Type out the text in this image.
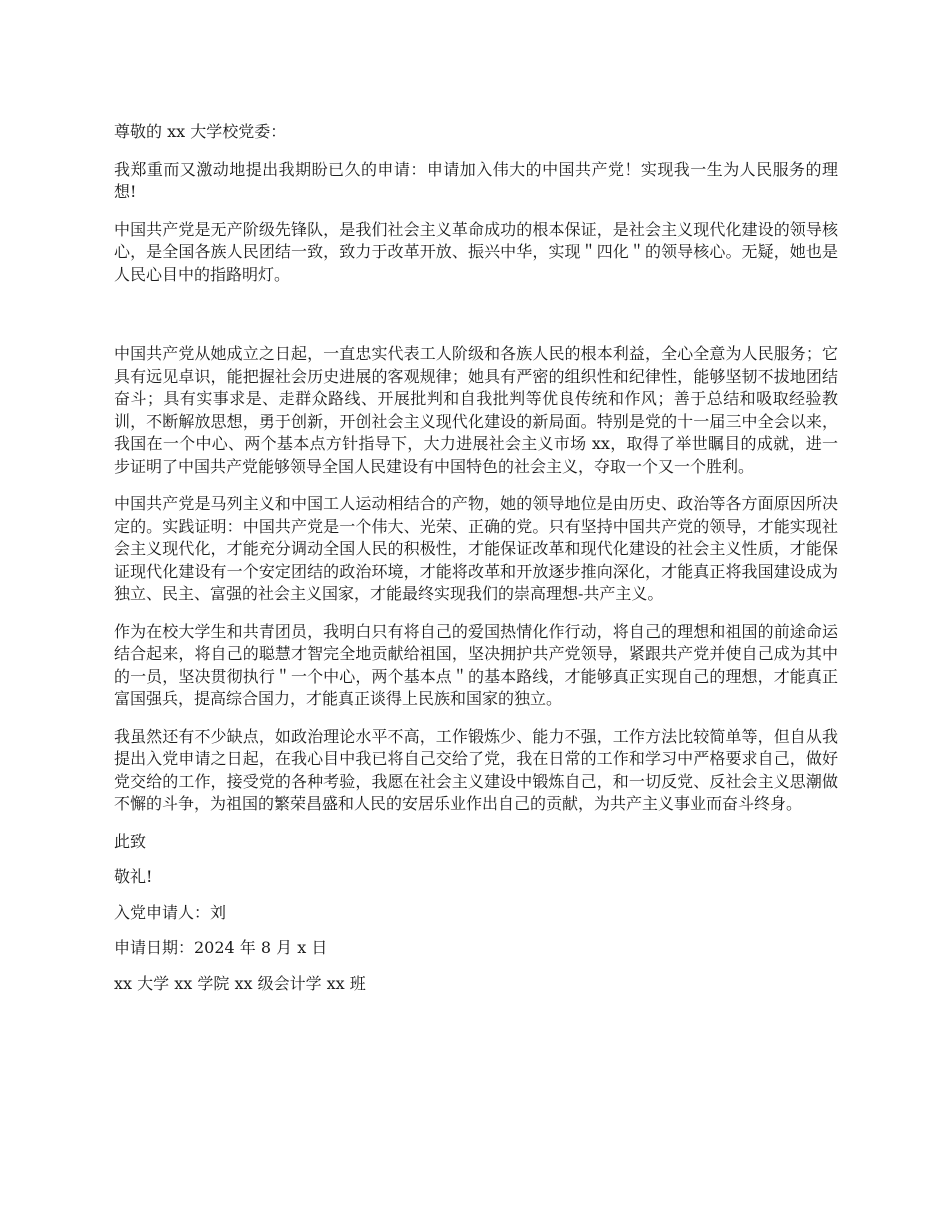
尊敬的 xx 大学校党委：

我郑重而又激动地提出我期盼已久的申请：申请加入伟大的中国共产党！实现我一生为人民服务的理想!

中国共产党是无产阶级先锋队，是我们社会主义革命成功的根本保证，是社会主义现代化建设的领导核心，是全国各族人民团结一致，致力于改革开放、振兴中华，实现＂四化＂的领导核心。无疑，她也是人民心目中的指路明灯。

中国共产党从她成立之日起，一直忠实代表工人阶级和各族人民的根本利益，全心全意为人民服务；它具有远见卓识，能把握社会历史进展的客观规律；她具有严密的组织性和纪律性，能够坚韧不拔地团结奋斗；具有实事求是、走群众路线、开展批判和自我批判等优良传统和作风；善于总结和吸取经验教训，不断解放思想，勇于创新，开创社会主义现代化建设的新局面。特别是党的十一届三中全会以来，我国在一个中心、两个基本点方针指导下，大力进展社会主义市场 xx，取得了举世瞩目的成就，进一步证明了中国共产党能够领导全国人民建设有中国特色的社会主义，夺取一个又一个胜利。

中国共产党是马列主义和中国工人运动相结合的产物，她的领导地位是由历史、政治等各方面原因所决定的。实践证明：中国共产党是一个伟大、光荣、正确的党。只有坚持中国共产党的领导，才能实现社会主义现代化，才能充分调动全国人民的积极性，才能保证改革和现代化建设的社会主义性质，才能保证现代化建设有一个安定团结的政治环境，才能将改革和开放逐步推向深化，才能真正将我国建设成为独立、民主、富强的社会主义国家，才能最终实现我们的崇高理想-共产主义。

作为在校大学生和共青团员，我明白只有将自己的爱国热情化作行动，将自己的理想和祖国的前途命运结合起来，将自己的聪慧才智完全地贡献给祖国，坚决拥护共产党领导，紧跟共产党并使自己成为其中的一员，坚决贯彻执行＂一个中心，两个基本点＂的基本路线，才能够真正实现自己的理想，才能真正富国强兵，提高综合国力，才能真正谈得上民族和国家的独立。

我虽然还有不少缺点，如政治理论水平不高，工作锻炼少、能力不强，工作方法比较简单等，但自从我提出入党申请之日起，在我心目中我已将自己交给了党，我在日常的工作和学习中严格要求自己，做好党交给的工作，接受党的各种考验，我愿在社会主义建设中锻炼自己，和一切反党、反社会主义思潮做不懈的斗争，为祖国的繁荣昌盛和人民的安居乐业作出自己的贡献，为共产主义事业而奋斗终身。

此致

敬礼!

入党申请人：刘

申请日期：2024 年 8 月 x 日

xx 大学 xx 学院 xx 级会计学 xx 班
